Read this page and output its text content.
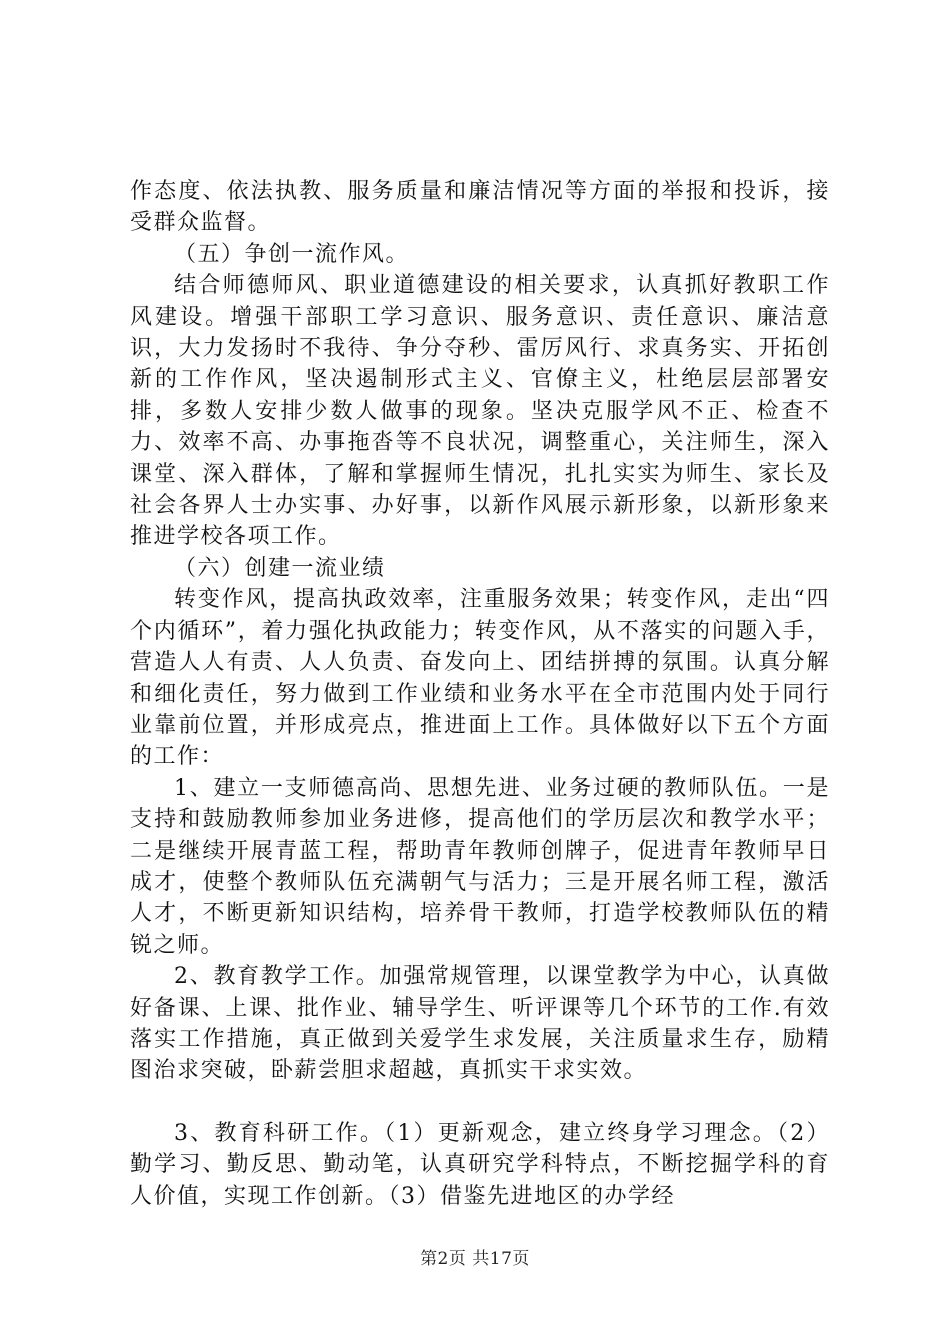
作态度、依法执教、服务质量和廉洁情况等方面的举报和投诉，接受群众监督。

（五）争创一流作风。

结合师德师风、职业道德建设的相关要求，认真抓好教职工作风建设。增强干部职工学习意识、服务意识、责任意识、廉洁意识，大力发扬时不我待、争分夺秒、雷厉风行、求真务实、开拓创新的工作作风，坚决遏制形式主义、官僚主义，杜绝层层部署安排，多数人安排少数人做事的现象。坚决克服学风不正、检查不力、效率不高、办事拖沓等不良状况，调整重心，关注师生，深入课堂、深入群体，了解和掌握师生情况，扎扎实实为师生、家长及社会各界人士办实事、办好事，以新作风展示新形象，以新形象来推进学校各项工作。

（六）创建一流业绩

转变作风，提高执政效率，注重服务效果；转变作风，走出“四个内循环”，着力强化执政能力；转变作风，从不落实的问题入手，营造人人有责、人人负责、奋发向上、团结拼搏的氛围。认真分解和细化责任，努力做到工作业绩和业务水平在全市范围内处于同行业靠前位置，并形成亮点，推进面上工作。具体做好以下五个方面的工作：

1、建立一支师德高尚、思想先进、业务过硬的教师队伍。一是支持和鼓励教师参加业务进修，提高他们的学历层次和教学水平；二是继续开展青蓝工程，帮助青年教师创牌子，促进青年教师早日成才，使整个教师队伍充满朝气与活力；三是开展名师工程，激活人才，不断更新知识结构，培养骨干教师，打造学校教师队伍的精锐之师。

2、教育教学工作。加强常规管理，以课堂教学为中心，认真做好备课、上课、批作业、辅导学生、听评课等几个环节的工作.有效落实工作措施，真正做到关爱学生求发展，关注质量求生存，励精图治求突破，卧薪尝胆求超越，真抓实干求实效。

3、教育科研工作。（1）更新观念，建立终身学习理念。（2）勤学习、勤反思、勤动笔，认真研究学科特点，不断挖掘学科的育人价值，实现工作创新。（3）借鉴先进地区的办学经

第2页 共17页
